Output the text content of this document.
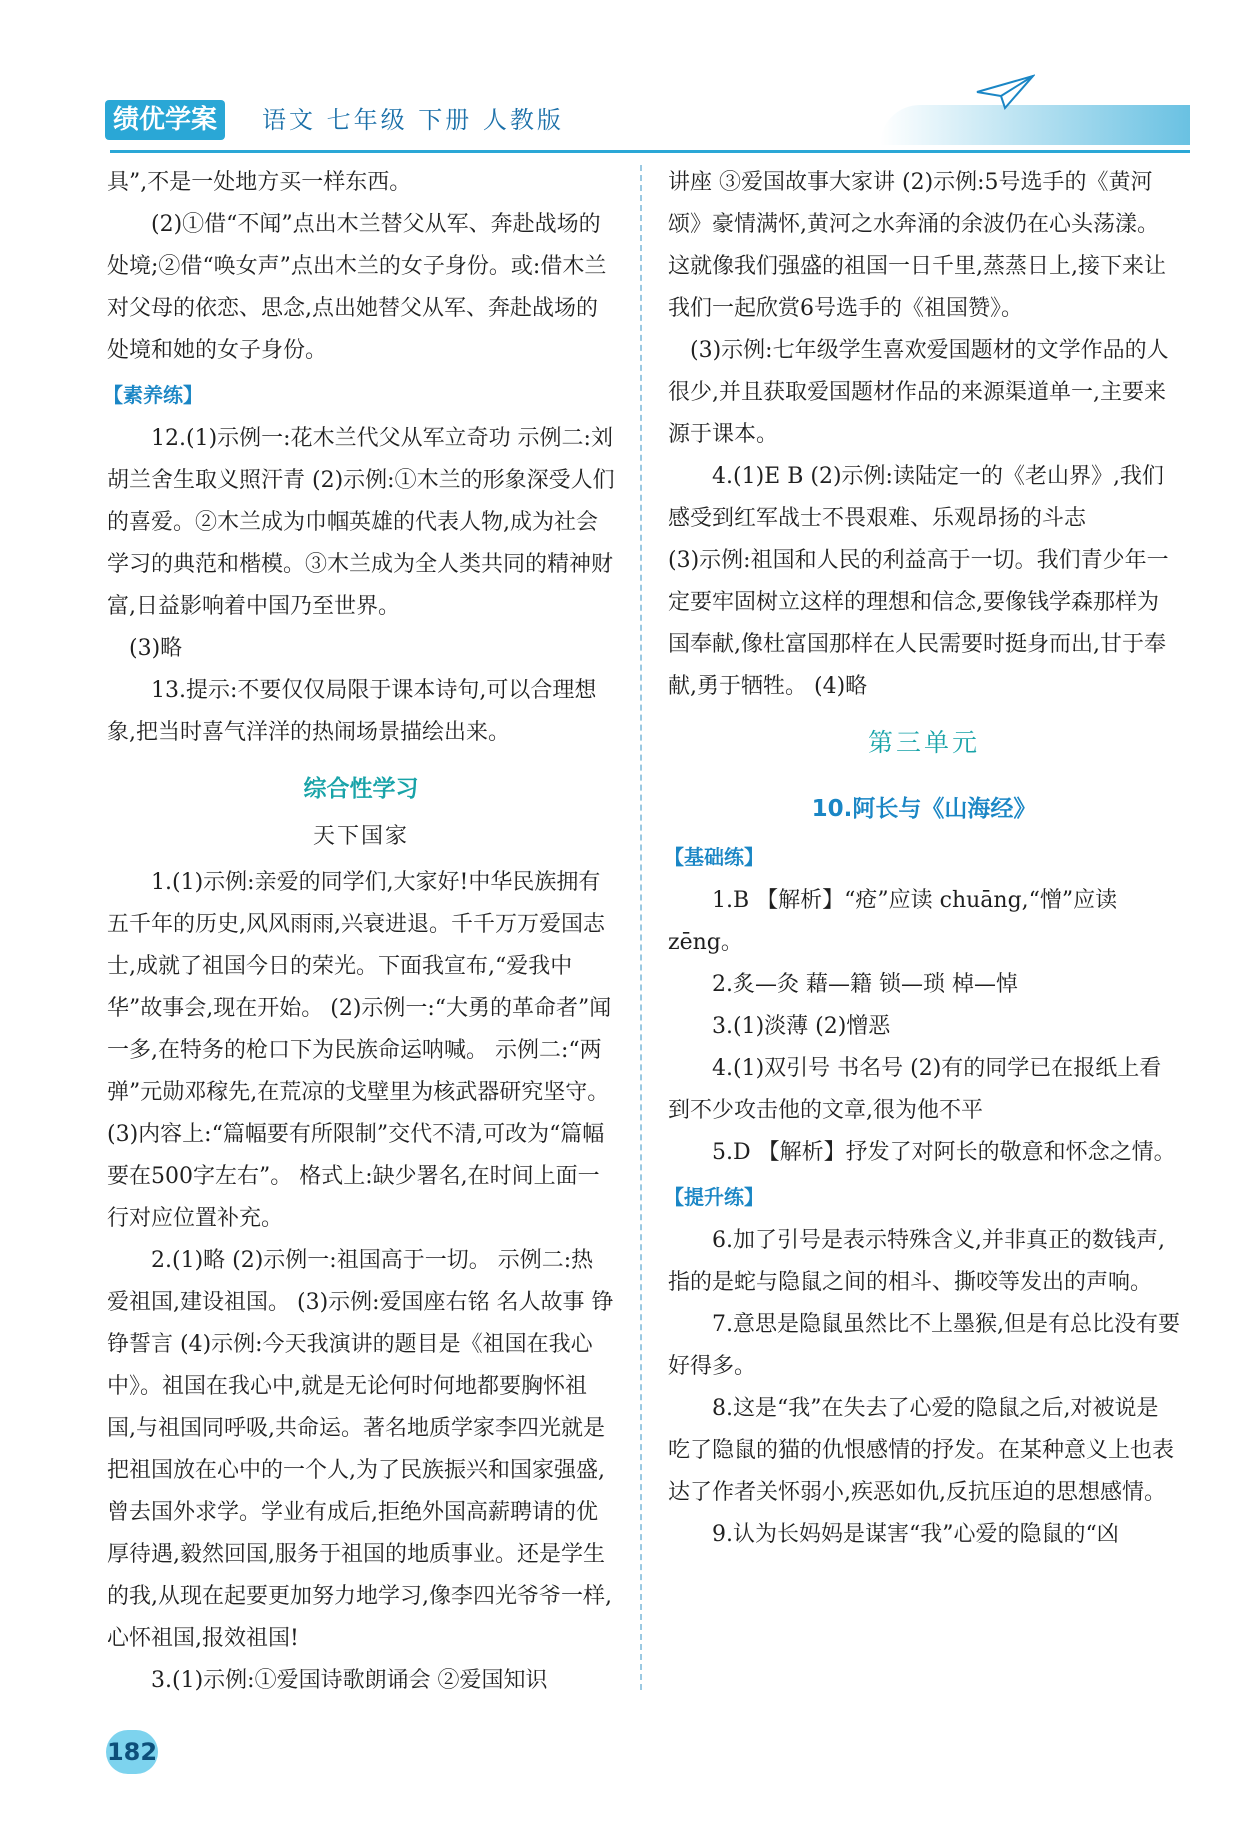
绩优学案	语文 七年级 下册 人教版
具”,不是一处地方买一样东西。
(2)①借“不闻”点出木兰替父从军、奔赴战场的处境;②借“唤女声”点出木兰的女子身份。或:借木兰对父母的依恋、思念,点出她替父从军、奔赴战场的处境和她的女子身份。
【素养练】
12.(1)示例一:花木兰代父从军立奇功 示例二:刘胡兰舍生取义照汗青 (2)示例:①木兰的形象深受人们的喜爱。②木兰成为巾帼英雄的代表人物,成为社会学习的典范和楷模。③木兰成为全人类共同的精神财富,日益影响着中国乃至世界。
(3)略
13.提示:不要仅仅局限于课本诗句,可以合理想象,把当时喜气洋洋的热闹场景描绘出来。
综合性学习
天下国家
1.(1)示例:亲爱的同学们,大家好!中华民族拥有五千年的历史,风风雨雨,兴衰进退。千千万万爱国志士,成就了祖国今日的荣光。下面我宣布,“爱我中华”故事会,现在开始。 (2)示例一:“大勇的革命者”闻一多,在特务的枪口下为民族命运呐喊。 示例二:“两弹”元勋邓稼先,在荒凉的戈壁里为核武器研究坚守。 (3)内容上:“篇幅要有所限制”交代不清,可改为“篇幅要在500字左右”。 格式上:缺少署名,在时间上面一行对应位置补充。
2.(1)略 (2)示例一:祖国高于一切。 示例二:热爱祖国,建设祖国。 (3)示例:爱国座右铭 名人故事 铮铮誓言 (4)示例:今天我演讲的题目是《祖国在我心中》。祖国在我心中,就是无论何时何地都要胸怀祖国,与祖国同呼吸,共命运。著名地质学家李四光就是把祖国放在心中的一个人,为了民族振兴和国家强盛,曾去国外求学。学业有成后,拒绝外国高薪聘请的优厚待遇,毅然回国,服务于祖国的地质事业。还是学生的我,从现在起要更加努力地学习,像李四光爷爷一样,心怀祖国,报效祖国!
3.(1)示例:①爱国诗歌朗诵会 ②爱国知识
讲座 ③爱国故事大家讲 (2)示例:5号选手的《黄河颂》豪情满怀,黄河之水奔涌的余波仍在心头荡漾。这就像我们强盛的祖国一日千里,蒸蒸日上,接下来让我们一起欣赏6号选手的《祖国赞》。
(3)示例:七年级学生喜欢爱国题材的文学作品的人很少,并且获取爱国题材作品的来源渠道单一,主要来源于课本。
4.(1)E B (2)示例:读陆定一的《老山界》,我们感受到红军战士不畏艰难、乐观昂扬的斗志
(3)示例:祖国和人民的利益高于一切。我们青少年一定要牢固树立这样的理想和信念,要像钱学森那样为国奉献,像杜富国那样在人民需要时挺身而出,甘于奉献,勇于牺牲。 (4)略
第三单元
10.阿长与《山海经》
【基础练】
1.B 【解析】“疮”应读 chuāng,“憎”应读 zēng。
2.炙—灸 藉—籍 锁—琐 棹—悼
3.(1)淡薄 (2)憎恶
4.(1)双引号 书名号 (2)有的同学已在报纸上看到不少攻击他的文章,很为他不平
5.D 【解析】抒发了对阿长的敬意和怀念之情。
【提升练】
6.加了引号是表示特殊含义,并非真正的数钱声,指的是蛇与隐鼠之间的相斗、撕咬等发出的声响。
7.意思是隐鼠虽然比不上墨猴,但是有总比没有要好得多。
8.这是“我”在失去了心爱的隐鼠之后,对被说是吃了隐鼠的猫的仇恨感情的抒发。在某种意义上也表达了作者关怀弱小,疾恶如仇,反抗压迫的思想感情。
9.认为长妈妈是谋害“我”心爱的隐鼠的“凶
182
